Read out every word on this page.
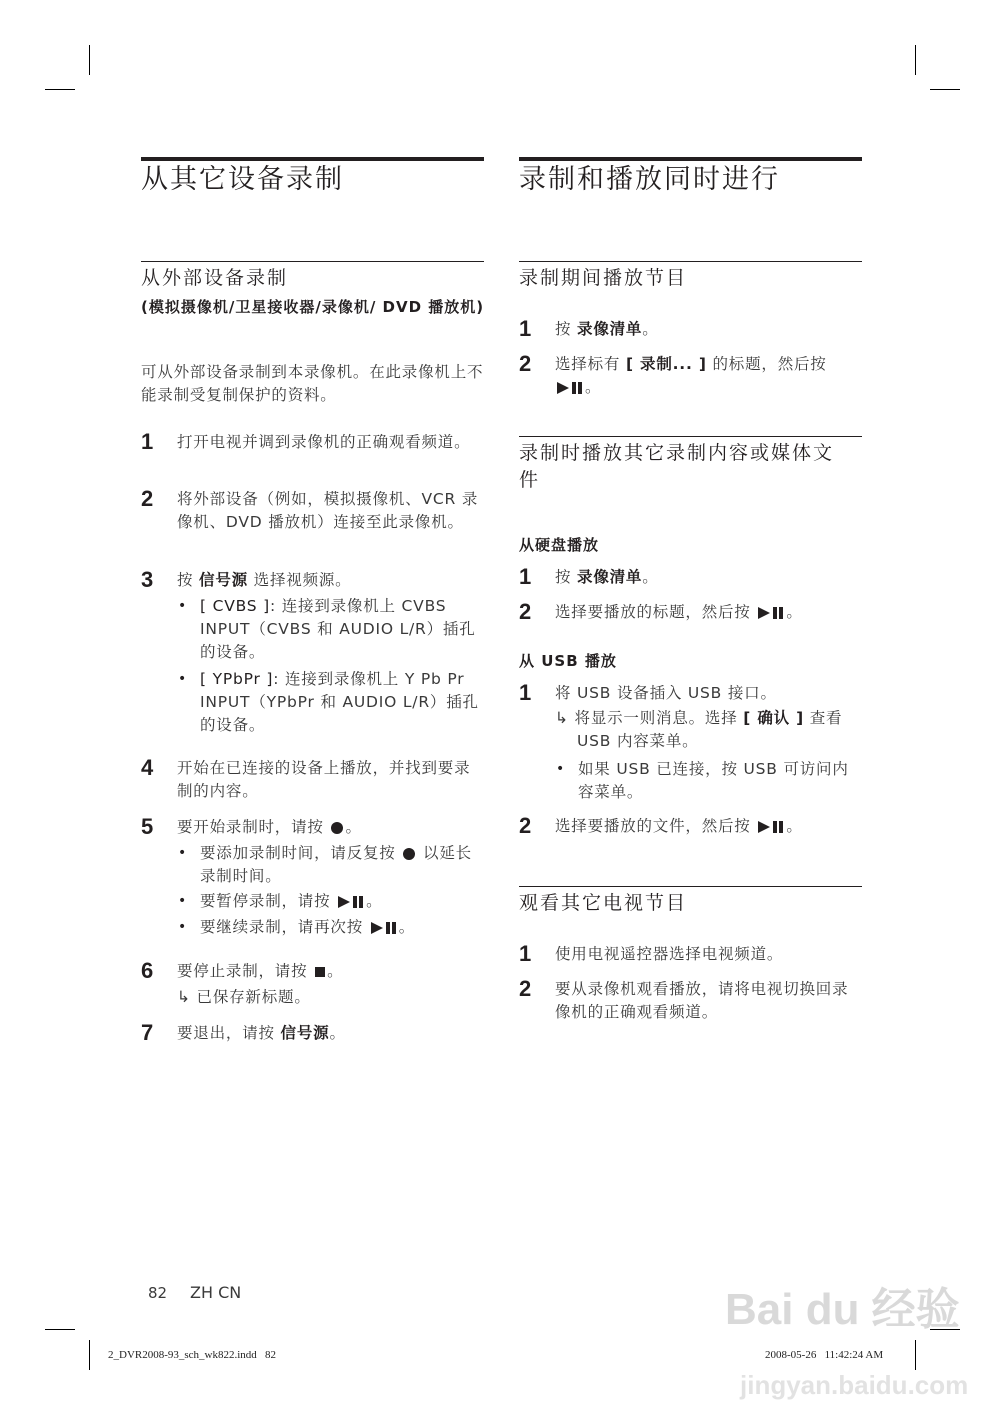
从其它设备录制
从外部设备录制
(模拟摄像机/卫星接收器/录像机/ DVD 播放机)
可从外部设备录制到本录像机。在此录像机上不能录制受复制保护的资料。
1 打开电视并调到录像机的正确观看频道。
2 将外部设备（例如，模拟摄像机、VCR 录像机、DVD 播放机）连接至此录像机。
3 按 信号源 选择视频源。
• [ CVBS ]: 连接到录像机上 CVBS INPUT（CVBS 和 AUDIO L/R）插孔的设备。
• [ YPbPr ]: 连接到录像机上 Y Pb Pr INPUT（YPbPr 和 AUDIO L/R）插孔的设备。
4 开始在已连接的设备上播放，并找到要录制的内容。
5 要开始录制时，请按 。
• 要添加录制时间，请反复按  以延长录制时间。
• 要暂停录制，请按
。
• 要继续录制，请再次按
。
6 要停止录制，请按 。
↳ 已保存新标题。
7 要退出，请按 信号源。
录制和播放同时进行
录制期间播放节目
1 按 录像清单。
2 选择标有 [ 录制... ] 的标题，然后按
。
录制时播放其它录制内容或媒体文件
从硬盘播放
1 按 录像清单。
2 选择要播放的标题，然后按
。
从 USB 播放
1 将 USB 设备插入 USB 接口。
↳ 将显示一则消息。选择 [ 确认 ] 查看 USB 内容菜单。
• 如果 USB 已连接，按 USB 可访问内容菜单。
2 选择要播放的文件，然后按
。
观看其它电视节目
1 使用电视遥控器选择电视频道。
2 要从录像机观看播放，请将电视切换回录像机的正确观看频道。
82 ZH CN
2_DVR2008-93_sch_wk822.indd   82	2008-05-26   11:42:24 AM
Bai du 经验
jingyan.baidu.com
